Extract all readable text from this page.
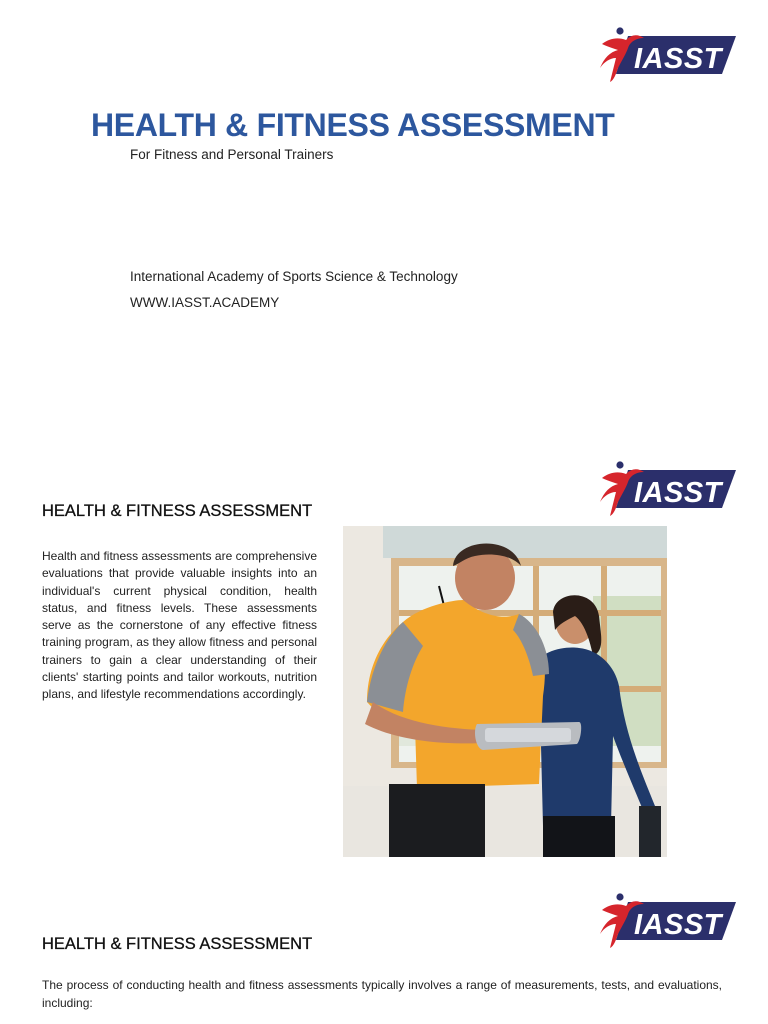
IASST
HEALTH & FITNESS ASSESSMENT
For Fitness and Personal Trainers
International Academy of Sports Science & Technology
WWW.IASST.ACADEMY
IASST
HEALTH & FITNESS ASSESSMENT

Health and fitness assessments are comprehensive evaluations that provide valuable insights into an individual's current physical condition, health status, and fitness levels. These assessments serve as the cornerstone of any effective fitness training program, as they allow fitness and personal trainers to gain a clear understanding of their clients' starting points and tailor workouts, nutrition plans, and lifestyle recommendations accordingly.

IASST
HEALTH & FITNESS ASSESSMENT

The process of conducting health and fitness assessments typically involves a range of measurements, tests, and evaluations, including:
